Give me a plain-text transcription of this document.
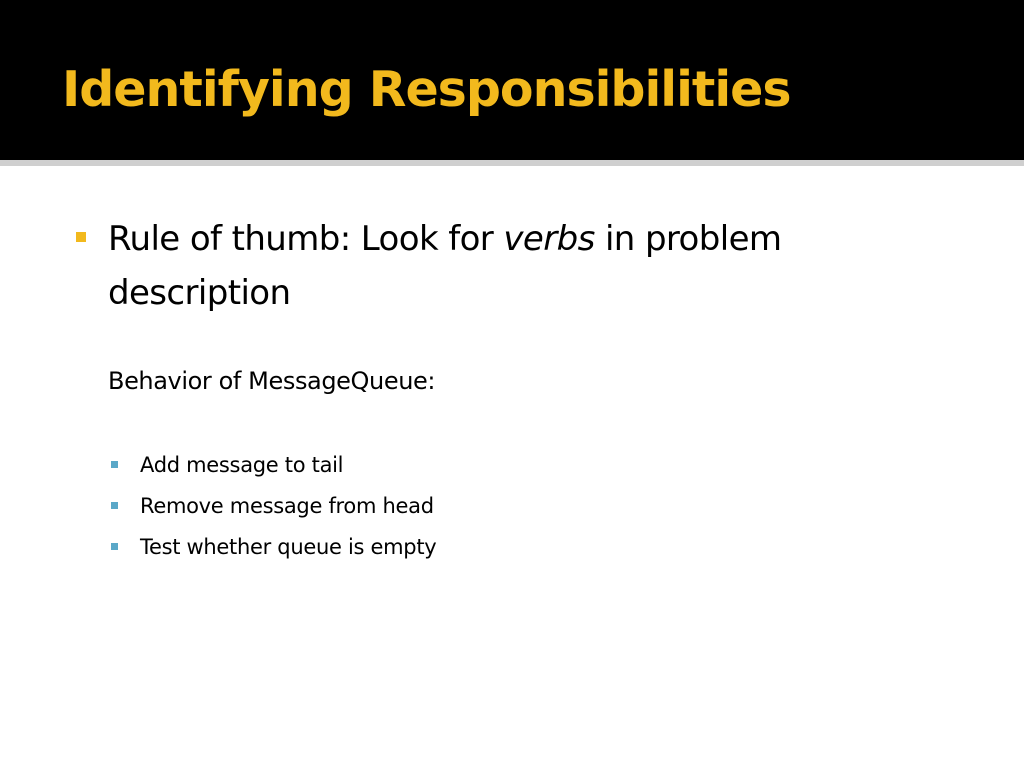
Identifying Responsibilities
Rule of thumb: Look for verbs in problem description
Behavior of MessageQueue:
Add message to tail
Remove message from head
Test whether queue is empty
